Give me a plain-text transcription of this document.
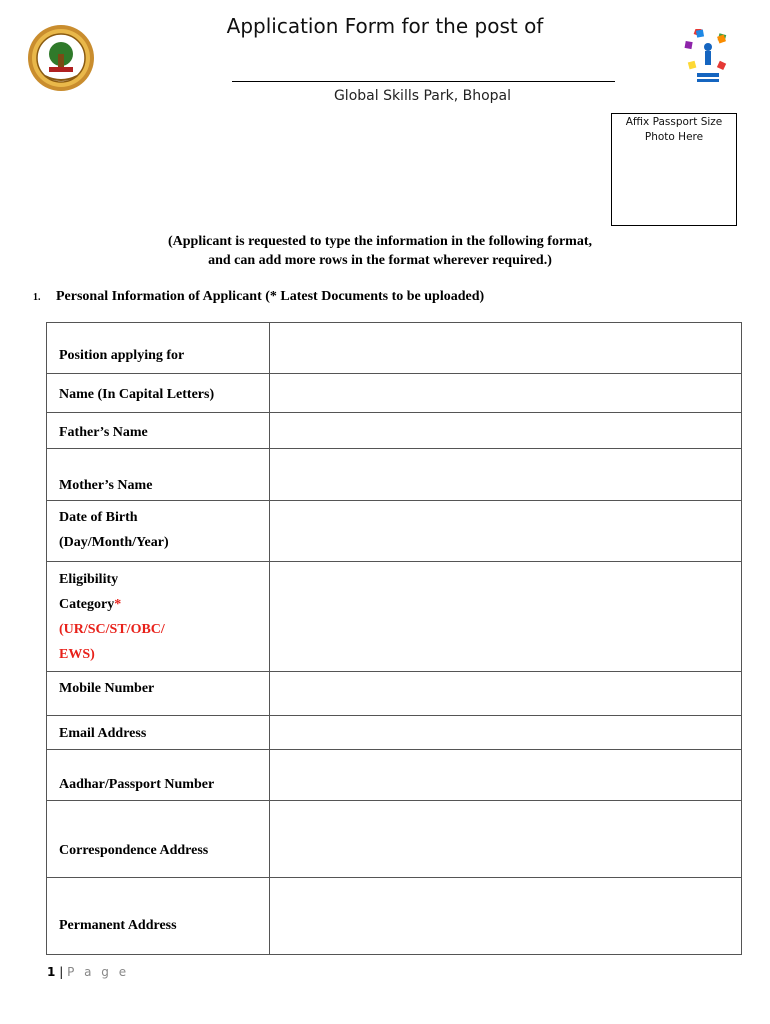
Application Form for the post of
Global Skills Park, Bhopal
Affix Passport Size Photo Here
(Applicant is requested to type the information in the following format,
and can add more rows in the format wherever required.)
1. Personal Information of Applicant (* Latest Documents to be uploaded)
Position applying for	
Name (In Capital Letters)	
Father’s Name	
Mother’s Name	

Date of Birth
(Day/Month/Year)	

Eligibility
Category*
(UR/SC/ST/OBC/
EWS)	

Mobile Number	
Email Address	
Aadhar/Passport Number	
Correspondence Address	
Permanent Address	
1 | P a g e
